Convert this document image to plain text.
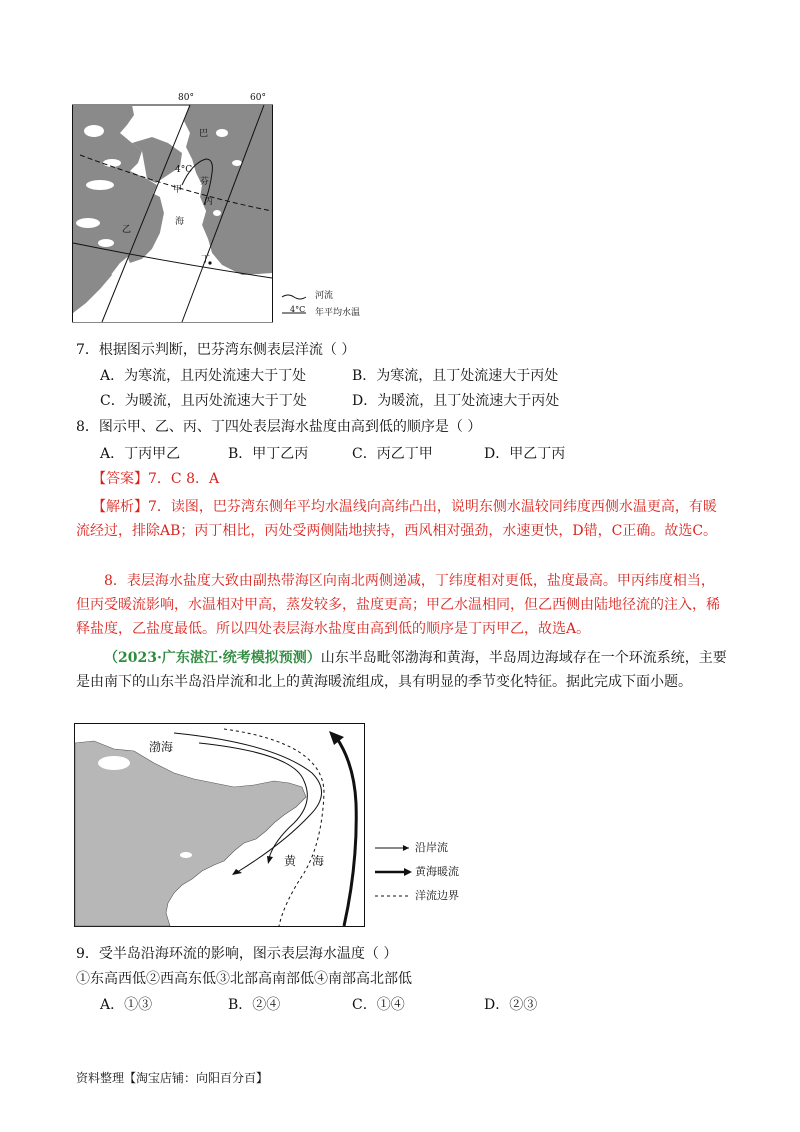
80°	60°
巴
4°C
芬
甲
丙
海
乙
丁
河流
4°C 年平均水温
7．根据图示判断，巴芬湾东侧表层洋流（ ）
A．为寒流，且丙处流速大于丁处	B．为寒流，且丁处流速大于丙处
C．为暖流，且丙处流速大于丁处	D．为暖流，且丁处流速大于丙处
8．图示甲、乙、丙、丁四处表层海水盐度由高到低的顺序是（ ）
A．丁丙甲乙	B．甲丁乙丙	C．丙乙丁甲	D．甲乙丁丙
【答案】7．C 8．A
【解析】7．读图，巴芬湾东侧年平均水温线向高纬凸出，说明东侧水温较同纬度西侧水温更高，有暖流经过，排除AB；丙丁相比，丙处受两侧陆地挟持，西风相对强劲，水速更快，D错，C正确。故选C。
8．表层海水盐度大致由副热带海区向南北两侧递减，丁纬度相对更低，盐度最高。甲丙纬度相当，但丙受暖流影响，水温相对甲高，蒸发较多，盐度更高；甲乙水温相同，但乙西侧由陆地径流的注入，稀释盐度，乙盐度最低。所以四处表层海水盐度由高到低的顺序是丁丙甲乙，故选A。
（2023·广东湛江·统考模拟预测）山东半岛毗邻渤海和黄海，半岛周边海域存在一个环流系统，主要是由南下的山东半岛沿岸流和北上的黄海暖流组成，具有明显的季节变化特征。据此完成下面小题。
渤海
黄 海
沿岸流
黄海暖流
洋流边界
9．受半岛沿海环流的影响，图示表层海水温度（ ）
①东高西低②西高东低③北部高南部低④南部高北部低
A．①③	B．②④	C．①④	D．②③
资料整理【淘宝店铺：向阳百分百】
